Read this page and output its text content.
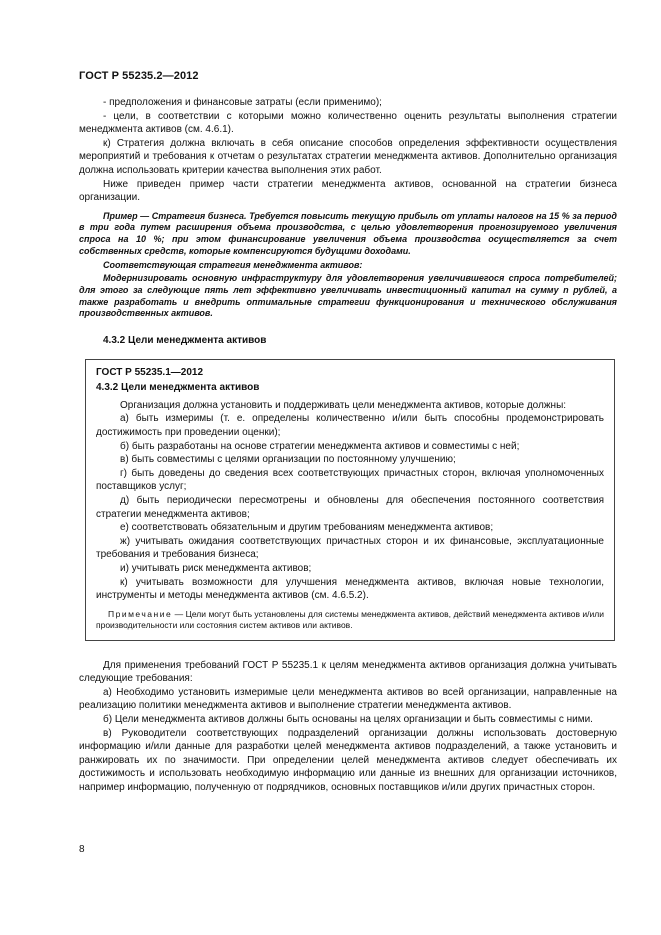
ГОСТ Р 55235.2—2012

- предположения и финансовые затраты (если применимо);

- цели, в соответствии с которыми можно количественно оценить результаты выполнения стратегии менеджмента активов (см. 4.6.1).

к) Стратегия должна включать в себя описание способов определения эффективности осуществления мероприятий и требования к отчетам о результатах стратегии менеджмента активов. Дополнительно организация должна использовать критерии качества выполнения этих работ.

Ниже приведен пример части стратегии менеджмента активов, основанной на стратегии бизнеса организации.

Пример — Стратегия бизнеса. Требуется повысить текущую прибыль от уплаты налогов на 15 % за период в три года путем расширения объема производства, с целью удовлетворения прогнозируемого увеличения спроса на 10 %; при этом финансирование увеличения объема производства осуществляется за счет собственных средств, которые компенсируются будущими доходами.

Соответствующая стратегия менеджмента активов:

Модернизировать основную инфраструктуру для удовлетворения увеличившегося спроса потребителей; для этого за следующие пять лет эффективно увеличивать инвестиционный капитал на сумму n рублей, а также разработать и внедрить оптимальные стратегии функционирования и технического обслуживания производственных активов.

4.3.2 Цели менеджмента активов

ГОСТ Р 55235.1—2012

4.3.2 Цели менеджмента активов

Организация должна установить и поддерживать цели менеджмента активов, которые должны:

а) быть измеримы (т. е. определены количественно и/или быть способны продемонстрировать достижимость при проведении оценки);

б) быть разработаны на основе стратегии менеджмента активов и совместимы с ней;

в) быть совместимы с целями организации по постоянному улучшению;

г) быть доведены до сведения всех соответствующих причастных сторон, включая уполномоченных поставщиков услуг;

д) быть периодически пересмотрены и обновлены для обеспечения постоянного соответствия стратегии менеджмента активов;

е) соответствовать обязательным и другим требованиям менеджмента активов;

ж) учитывать ожидания соответствующих причастных сторон и их финансовые, эксплуатационные требования и требования бизнеса;

и) учитывать риск менеджмента активов;

к) учитывать возможности для улучшения менеджмента активов, включая новые технологии, инструменты и методы менеджмента активов (см. 4.6.5.2).

Примечание — Цели могут быть установлены для системы менеджмента активов, действий менеджмента активов и/или производительности или состояния систем активов или активов.

Для применения требований ГОСТ Р 55235.1 к целям менеджмента активов организация должна учитывать следующие требования:

а) Необходимо установить измеримые цели менеджмента активов во всей организации, направленные на реализацию политики менеджмента активов и выполнение стратегии менеджмента активов.

б) Цели менеджмента активов должны быть основаны на целях организации и быть совместимы с ними.

в) Руководители соответствующих подразделений организации должны использовать достоверную информацию и/или данные для разработки целей менеджмента активов подразделений, а также установить и ранжировать их по значимости. При определении целей менеджмента активов следует обеспечивать их достижимость и использовать необходимую информацию или данные из внешних для организации источников, например информацию, полученную от подрядчиков, основных поставщиков и/или других причастных сторон.

8
